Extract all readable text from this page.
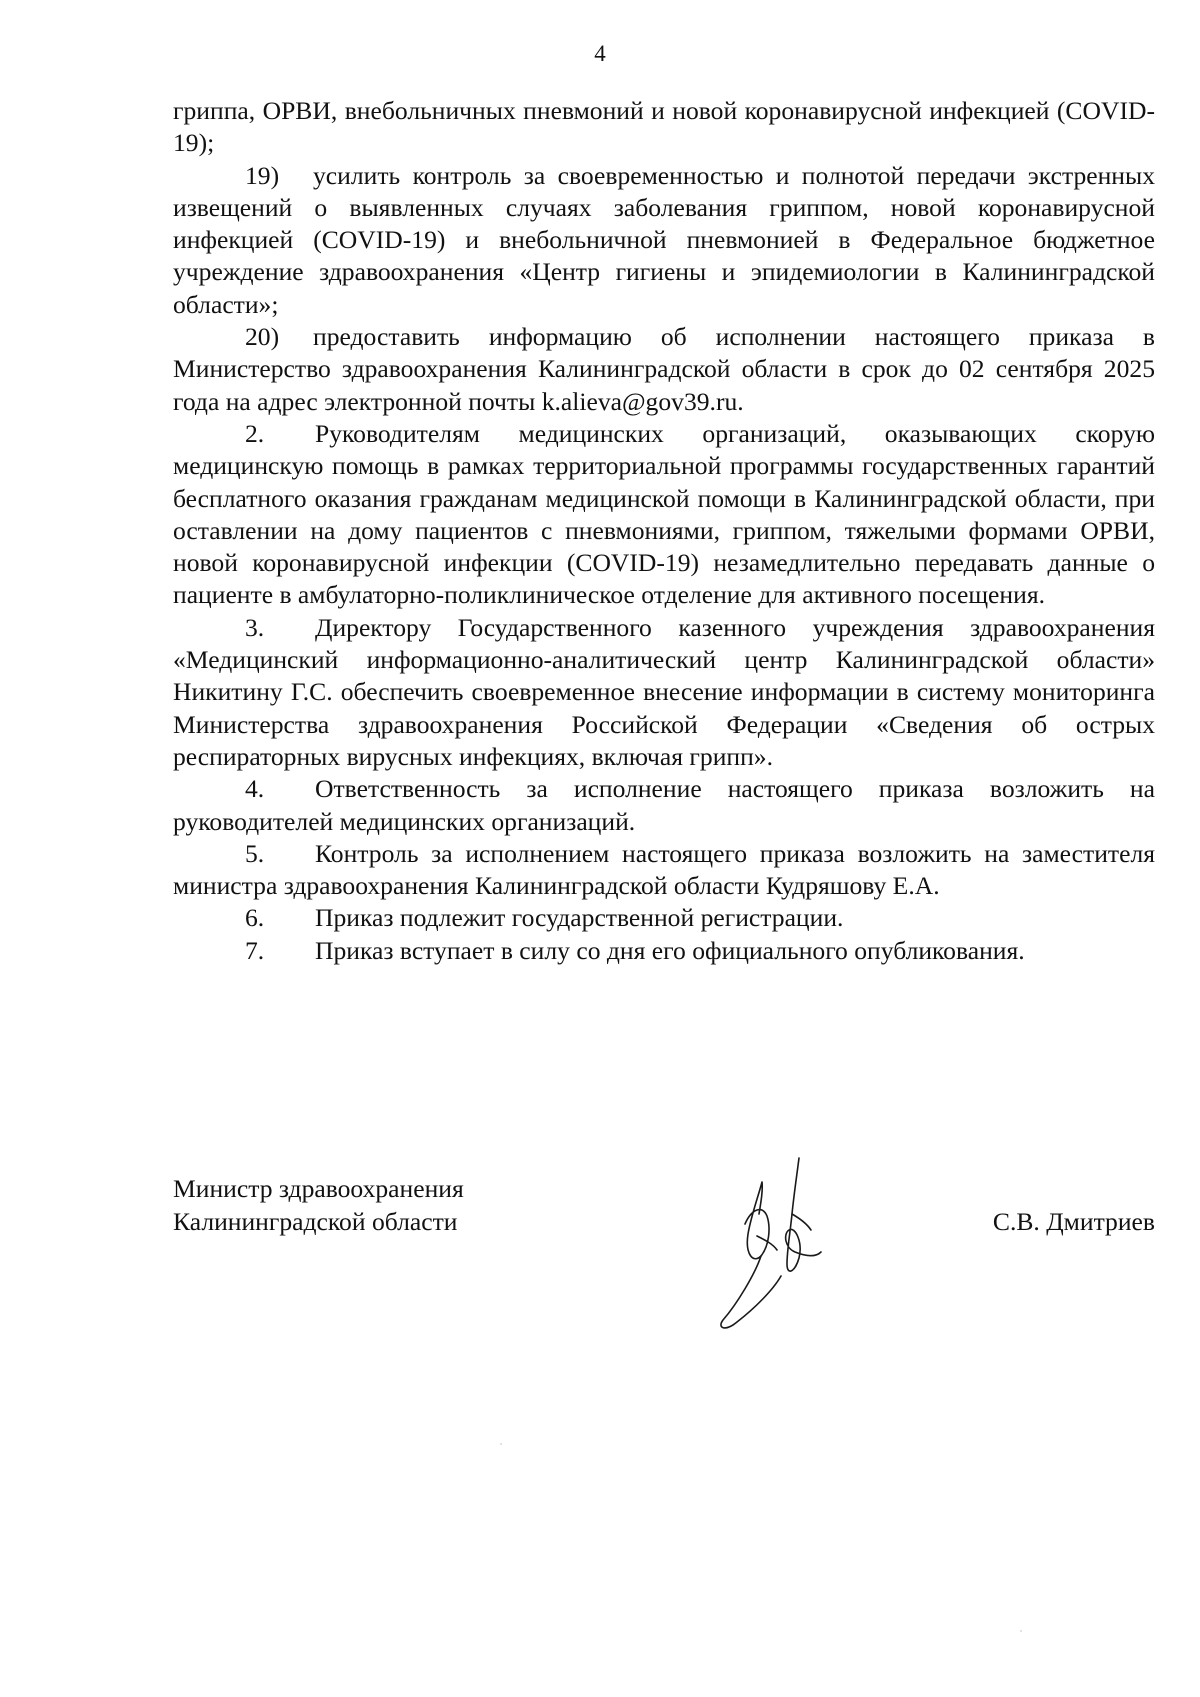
4

гриппа, ОРВИ, внебольничных пневмоний и новой коронавирусной инфекцией (COVID-19);

19) усилить контроль за своевременностью и полнотой передачи экстренных извещений о выявленных случаях заболевания гриппом, новой коронавирусной инфекцией (COVID-19) и внебольничной пневмонией в Федеральное бюджетное учреждение здравоохранения «Центр гигиены и эпидемиологии в Калининградской области»;

20) предоставить информацию об исполнении настоящего приказа в Министерство здравоохранения Калининградской области в срок до 02 сентября 2025 года на адрес электронной почты k.alieva@gov39.ru.

2. Руководителям медицинских организаций, оказывающих скорую медицинскую помощь в рамках территориальной программы государственных гарантий бесплатного оказания гражданам медицинской помощи в Калининградской области, при оставлении на дому пациентов с пневмониями, гриппом, тяжелыми формами ОРВИ, новой коронавирусной инфекции (COVID-19) незамедлительно передавать данные о пациенте в амбулаторно-поликлиническое отделение для активного посещения.

3. Директору Государственного казенного учреждения здравоохранения «Медицинский информационно-аналитический центр Калининградской области» Никитину Г.С. обеспечить своевременное внесение информации в систему мониторинга Министерства здравоохранения Российской Федерации «Сведения об острых респираторных вирусных инфекциях, включая грипп».

4. Ответственность за исполнение настоящего приказа возложить на руководителей медицинских организаций.

5. Контроль за исполнением настоящего приказа возложить на заместителя министра здравоохранения Калининградской области Кудряшову Е.А.

6. Приказ подлежит государственной регистрации.

7. Приказ вступает в силу со дня его официального опубликования.

Министр здравоохранения
Калининградской области	С.В. Дмитриев
